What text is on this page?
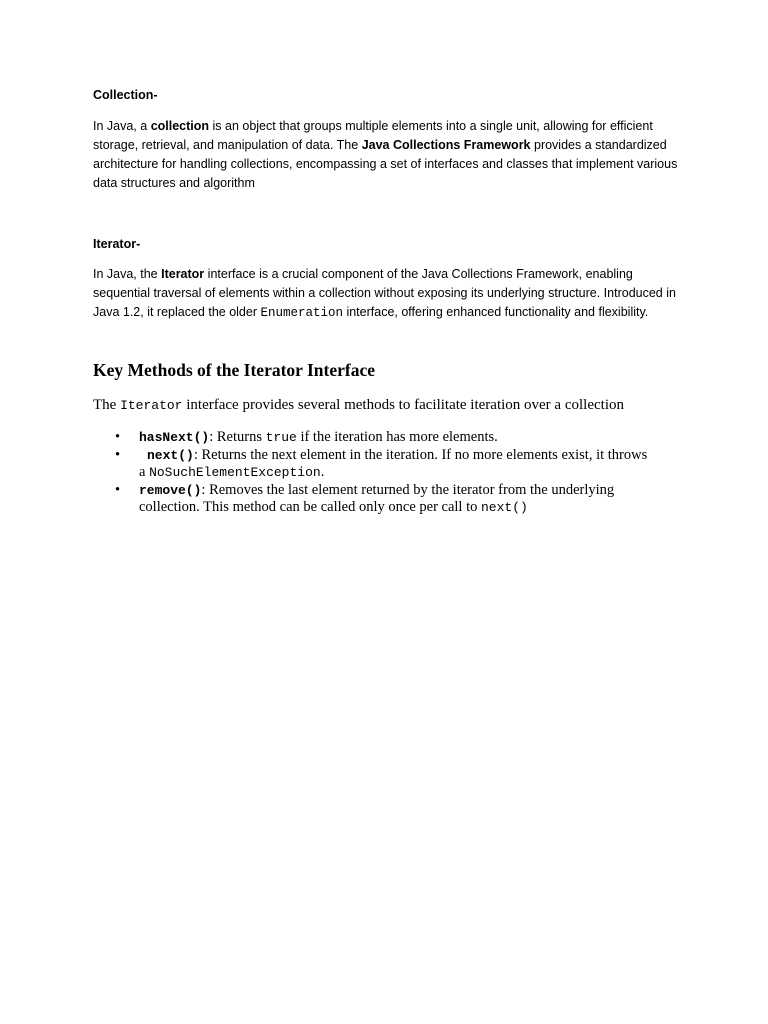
Collection-

In Java, a collection is an object that groups multiple elements into a single unit, allowing for efficient storage, retrieval, and manipulation of data. The Java Collections Framework provides a standardized architecture for handling collections, encompassing a set of interfaces and classes that implement various data structures and algorithm

Iterator-

In Java, the Iterator interface is a crucial component of the Java Collections Framework, enabling sequential traversal of elements within a collection without exposing its underlying structure. Introduced in Java 1.2, it replaced the older Enumeration interface, offering enhanced functionality and flexibility.

Key Methods of the Iterator Interface

The Iterator interface provides several methods to facilitate iteration over a collection

• hasNext(): Returns true if the iteration has more elements.
• next(): Returns the next element in the iteration. If no more elements exist, it throws a NoSuchElementException.
• remove(): Removes the last element returned by the iterator from the underlying collection. This method can be called only once per call to next()
